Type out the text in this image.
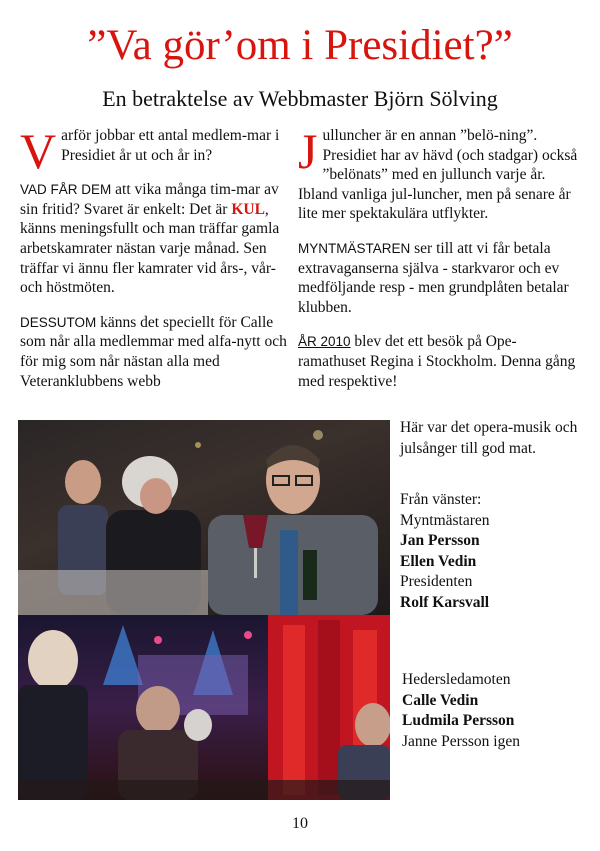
”Va gör’om i Presidiet?”
En betraktelse av Webbmaster Björn Sölving

Varför jobbar ett antal medlem-mar i Presidiet år ut och år in?

VAD FÅR DEM att vika många tim-mar av sin fritid? Svaret är enkelt: Det är KUL, känns meningsfullt och man träffar gamla arbetskamrater nästan varje månad. Sen träffar vi ännu fler kamrater vid års-, vår- och höstmöten.

DESSUTOM känns det speciellt för Calle som når alla medlemmar med alfa-nytt och för mig som når nästan alla med Veteranklubbens webb

Julluncher är en annan ”belö-ning”. Presidiet har av hävd (och stadgar) också ”belönats” med en jullunch varje år. Ibland vanliga jul-luncher, men på senare år lite mer spektakulära utflykter.

MYNTMÄSTAREN ser till att vi får betala extravaganserna själva - starkvaror och ev medföljande resp - men grundplåten betalar klubben.

ÅR 2010 blev det ett besök på Ope-ramathuset Regina i Stockholm. Denna gång med respektive!

Här var det opera-musik och julsånger till god mat.
Från vänster:
Myntmästaren
Jan Persson
Ellen Vedin
Presidenten
Rolf Karsvall
Hedersledamoten
Calle Vedin
Ludmila Persson
Janne Persson igen
10
